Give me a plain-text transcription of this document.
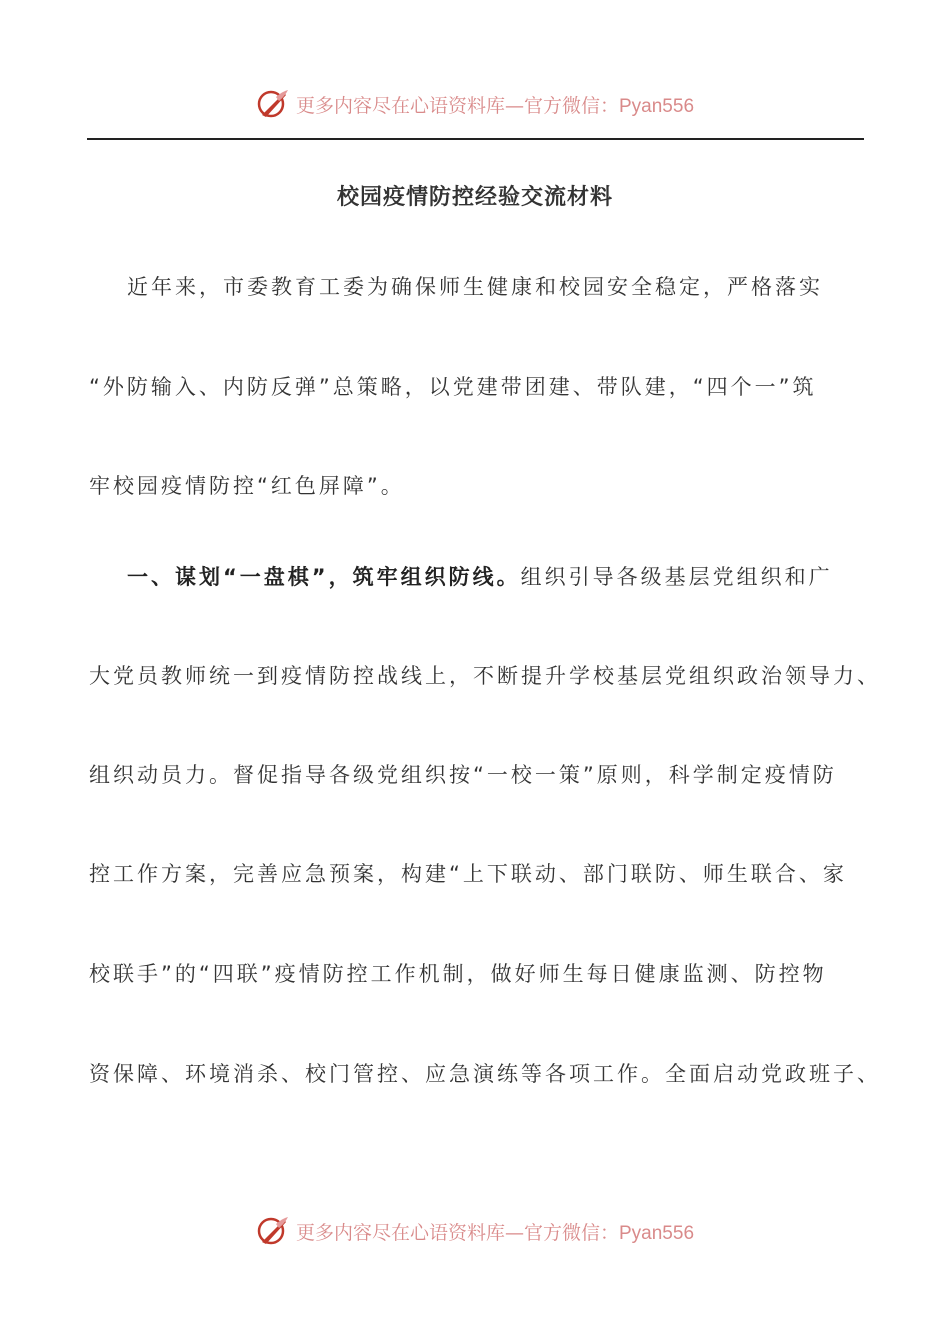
更多内容尽在心语资料库—官方微信：Pyan556
校园疫情防控经验交流材料
近年来，市委教育工委为确保师生健康和校园安全稳定，严格落实
“外防输入、内防反弹”总策略，以党建带团建、带队建，“四个一”筑
牢校园疫情防控“红色屏障”。
一、谋划“一盘棋”，筑牢组织防线。组织引导各级基层党组织和广
大党员教师统一到疫情防控战线上，不断提升学校基层党组织政治领导力、
组织动员力。督促指导各级党组织按“一校一策”原则，科学制定疫情防
控工作方案，完善应急预案，构建“上下联动、部门联防、师生联合、家
校联手”的“四联”疫情防控工作机制，做好师生每日健康监测、防控物
资保障、环境消杀、校门管控、应急演练等各项工作。全面启动党政班子、
更多内容尽在心语资料库—官方微信：Pyan556
